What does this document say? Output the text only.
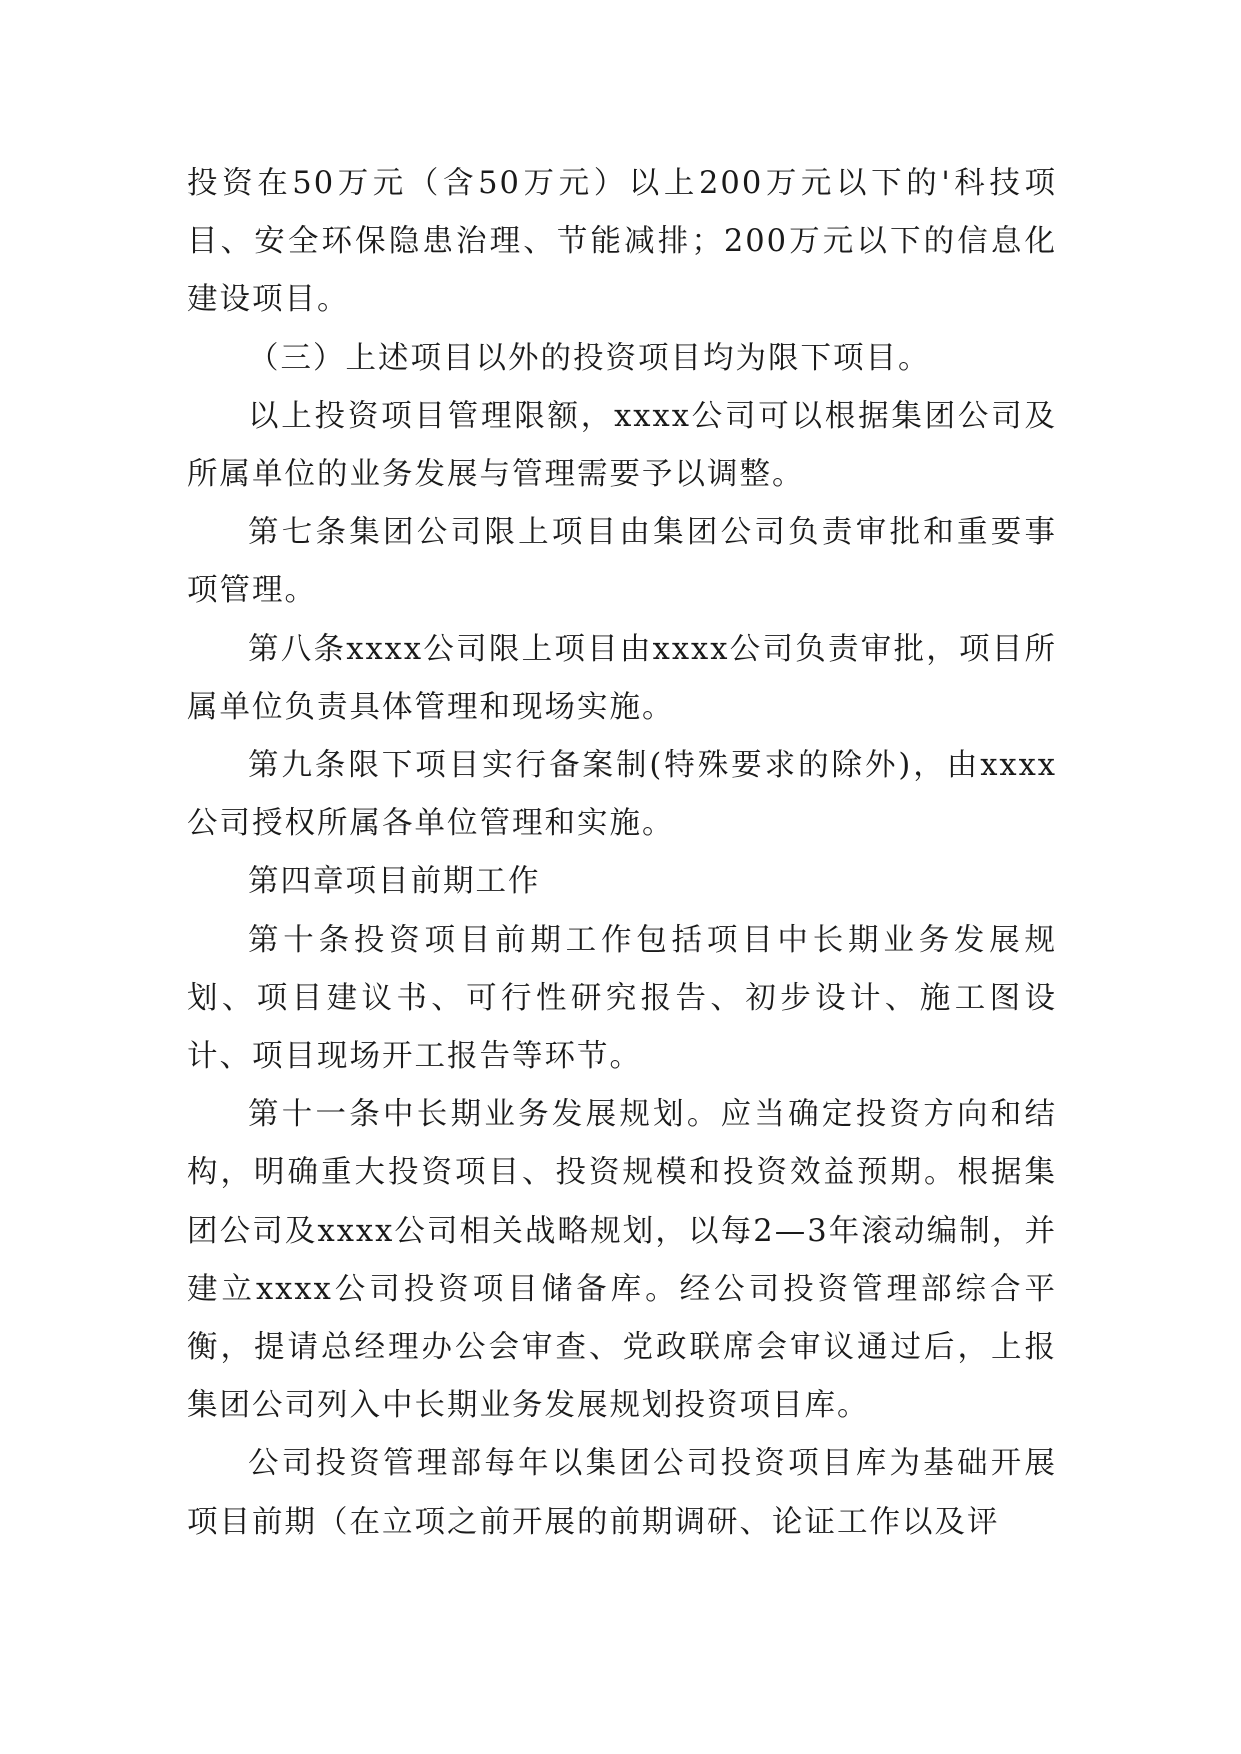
投资在50万元（含50万元）以上200万元以下的'科技项目、安全环保隐患治理、节能减排；200万元以下的信息化建设项目。

（三）上述项目以外的投资项目均为限下项目。

以上投资项目管理限额，xxxx公司可以根据集团公司及所属单位的业务发展与管理需要予以调整。

第七条集团公司限上项目由集团公司负责审批和重要事项管理。

第八条xxxx公司限上项目由xxxx公司负责审批，项目所属单位负责具体管理和现场实施。

第九条限下项目实行备案制(特殊要求的除外)，由xxxx公司授权所属各单位管理和实施。

第四章项目前期工作

第十条投资项目前期工作包括项目中长期业务发展规划、项目建议书、可行性研究报告、初步设计、施工图设计、项目现场开工报告等环节。

第十一条中长期业务发展规划。应当确定投资方向和结构，明确重大投资项目、投资规模和投资效益预期。根据集团公司及xxxx公司相关战略规划，以每2—3年滚动编制，并建立xxxx公司投资项目储备库。经公司投资管理部综合平衡，提请总经理办公会审查、党政联席会审议通过后，上报集团公司列入中长期业务发展规划投资项目库。

公司投资管理部每年以集团公司投资项目库为基础开展项目前期（在立项之前开展的前期调研、论证工作以及评
